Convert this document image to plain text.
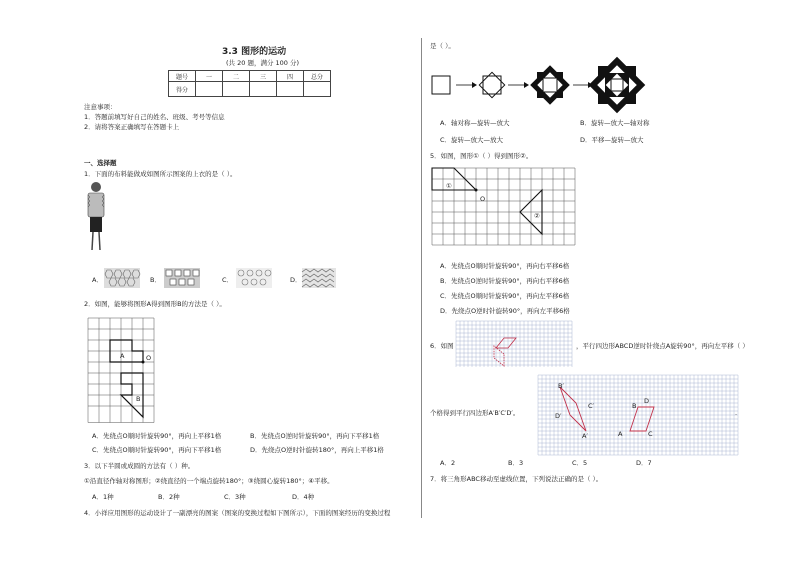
3.3 图形的运动
(共 20 题，满分 100 分)
题号	一	二	三	四	总分
得分					
注意事项：
1．答题前填写好自己的姓名、班级、考号等信息
2．请将答案正确填写在答题卡上
一、选择题
1．下面的布料能做成如图所示图案的上衣的是（ ）。
A．	B．	C．	D．
2．如图，能够将图形A得到图形B的方法是（ ）。
A	O
B
A．先绕点O顺时针旋转90°，再向上平移1格	B．先绕点O逆时针旋转90°，再向下平移1格
C．先绕点O顺时针旋转90°，再向下平移1格	D．先绕点O逆时针旋转180°，再向上平移1格
3．以下半圆或成圆的方法有（ ）种。
①沿直径作轴对称图形；②绕直径的一个端点旋转180°；③绕圆心旋转180°；④平移。
A．1种	B．2种	C．3种	D．4种
4．小祥应用图形的运动设计了一副漂亮的图案（图案的变换过程如下图所示），下面的图案经历的变换过程
是（ ）。
A．轴对称—旋转—放大	B．旋转—放大—轴对称
C．旋转—放大—放大	D．平移—旋转—放大
5．如图，图形①（ ）得到图形②。
①
O
②
A．先绕点O顺时针旋转90°，再向右平移6格
B．先绕点O逆时针旋转90°，再向右平移6格
C．先绕点O顺时针旋转90°，再向左平移6格
D．先绕点O逆时针旋转90°，再向左平移6格
6．如图	，平行四边形ABCD逆时针绕点A旋转90°，再向左平移（ ）
B′
C′
D′
A′
B
D
A	C
个格得到平行四边形A′B′C′D′。	.
A．2	B．3	C．5	D．7
7．将三角形ABC移动至虚线位置，下列说法正确的是（ ）。
